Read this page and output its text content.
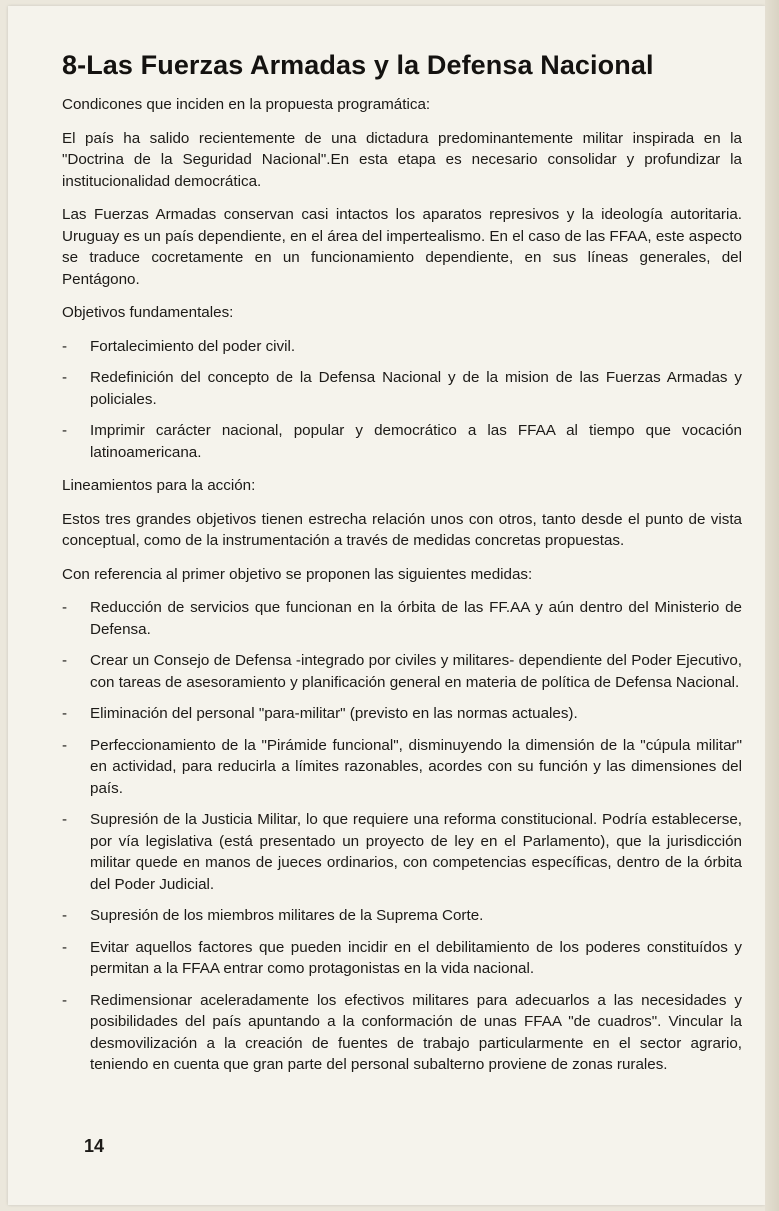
8-Las Fuerzas Armadas y la Defensa Nacional

Condicones que inciden en la propuesta programática:

El país ha salido recientemente de una dictadura predominantemente militar inspirada en la "Doctrina de la Seguridad Nacional".En esta etapa es necesario consolidar y profundizar la institucionalidad democrática.

Las Fuerzas Armadas conservan casi intactos los aparatos represivos y la ideología autoritaria. Uruguay es un país dependiente, en el área del impertealismo. En el caso de las FFAA, este aspecto se traduce cocretamente en un funcionamiento dependiente, en sus líneas generales, del Pentágono.

Objetivos fundamentales:

- Fortalecimiento del poder civil.
- Redefinición del concepto de la Defensa Nacional y de la mision de las Fuerzas Armadas y policiales.
- Imprimir carácter nacional, popular y democrático a las FFAA al tiempo que vocación latinoamericana.

Lineamientos para la acción:

Estos tres grandes objetivos tienen estrecha relación unos con otros, tanto desde el punto de vista conceptual, como de la instrumentación a través de medidas concretas propuestas.

Con referencia al primer objetivo se proponen las siguientes medidas:

- Reducción de servicios que funcionan en la órbita de las FF.AA y aún dentro del Ministerio de Defensa.
- Crear un Consejo de Defensa -integrado por civiles y militares- dependiente del Poder Ejecutivo, con tareas de asesoramiento y planificación general en materia de política de Defensa Nacional.
- Eliminación del personal "para-militar" (previsto en las normas actuales).
- Perfeccionamiento de la "Pirámide funcional", disminuyendo la dimensión de la "cúpula militar" en actividad, para reducirla a límites razonables, acordes con su función y las dimensiones del país.
- Supresión de la Justicia Militar, lo que requiere una reforma constitucional. Podría establecerse, por vía legislativa (está presentado un proyecto de ley en el Parlamento), que la jurisdicción militar quede en manos de jueces ordinarios, con competencias específicas, dentro de la órbita del Poder Judicial.
- Supresión de los miembros militares de la Suprema Corte.
- Evitar aquellos factores que pueden incidir en el debilitamiento de los poderes constituídos y permitan a la FFAA entrar como protagonistas en la vida nacional.
- Redimensionar aceleradamente los efectivos militares para adecuarlos a las necesidades y posibilidades del país apuntando a la conformación de unas FFAA "de cuadros". Vincular la desmovilización a la creación de fuentes de trabajo particularmente en el sector agrario, teniendo en cuenta que gran parte del personal subalterno proviene de zonas rurales.
14
